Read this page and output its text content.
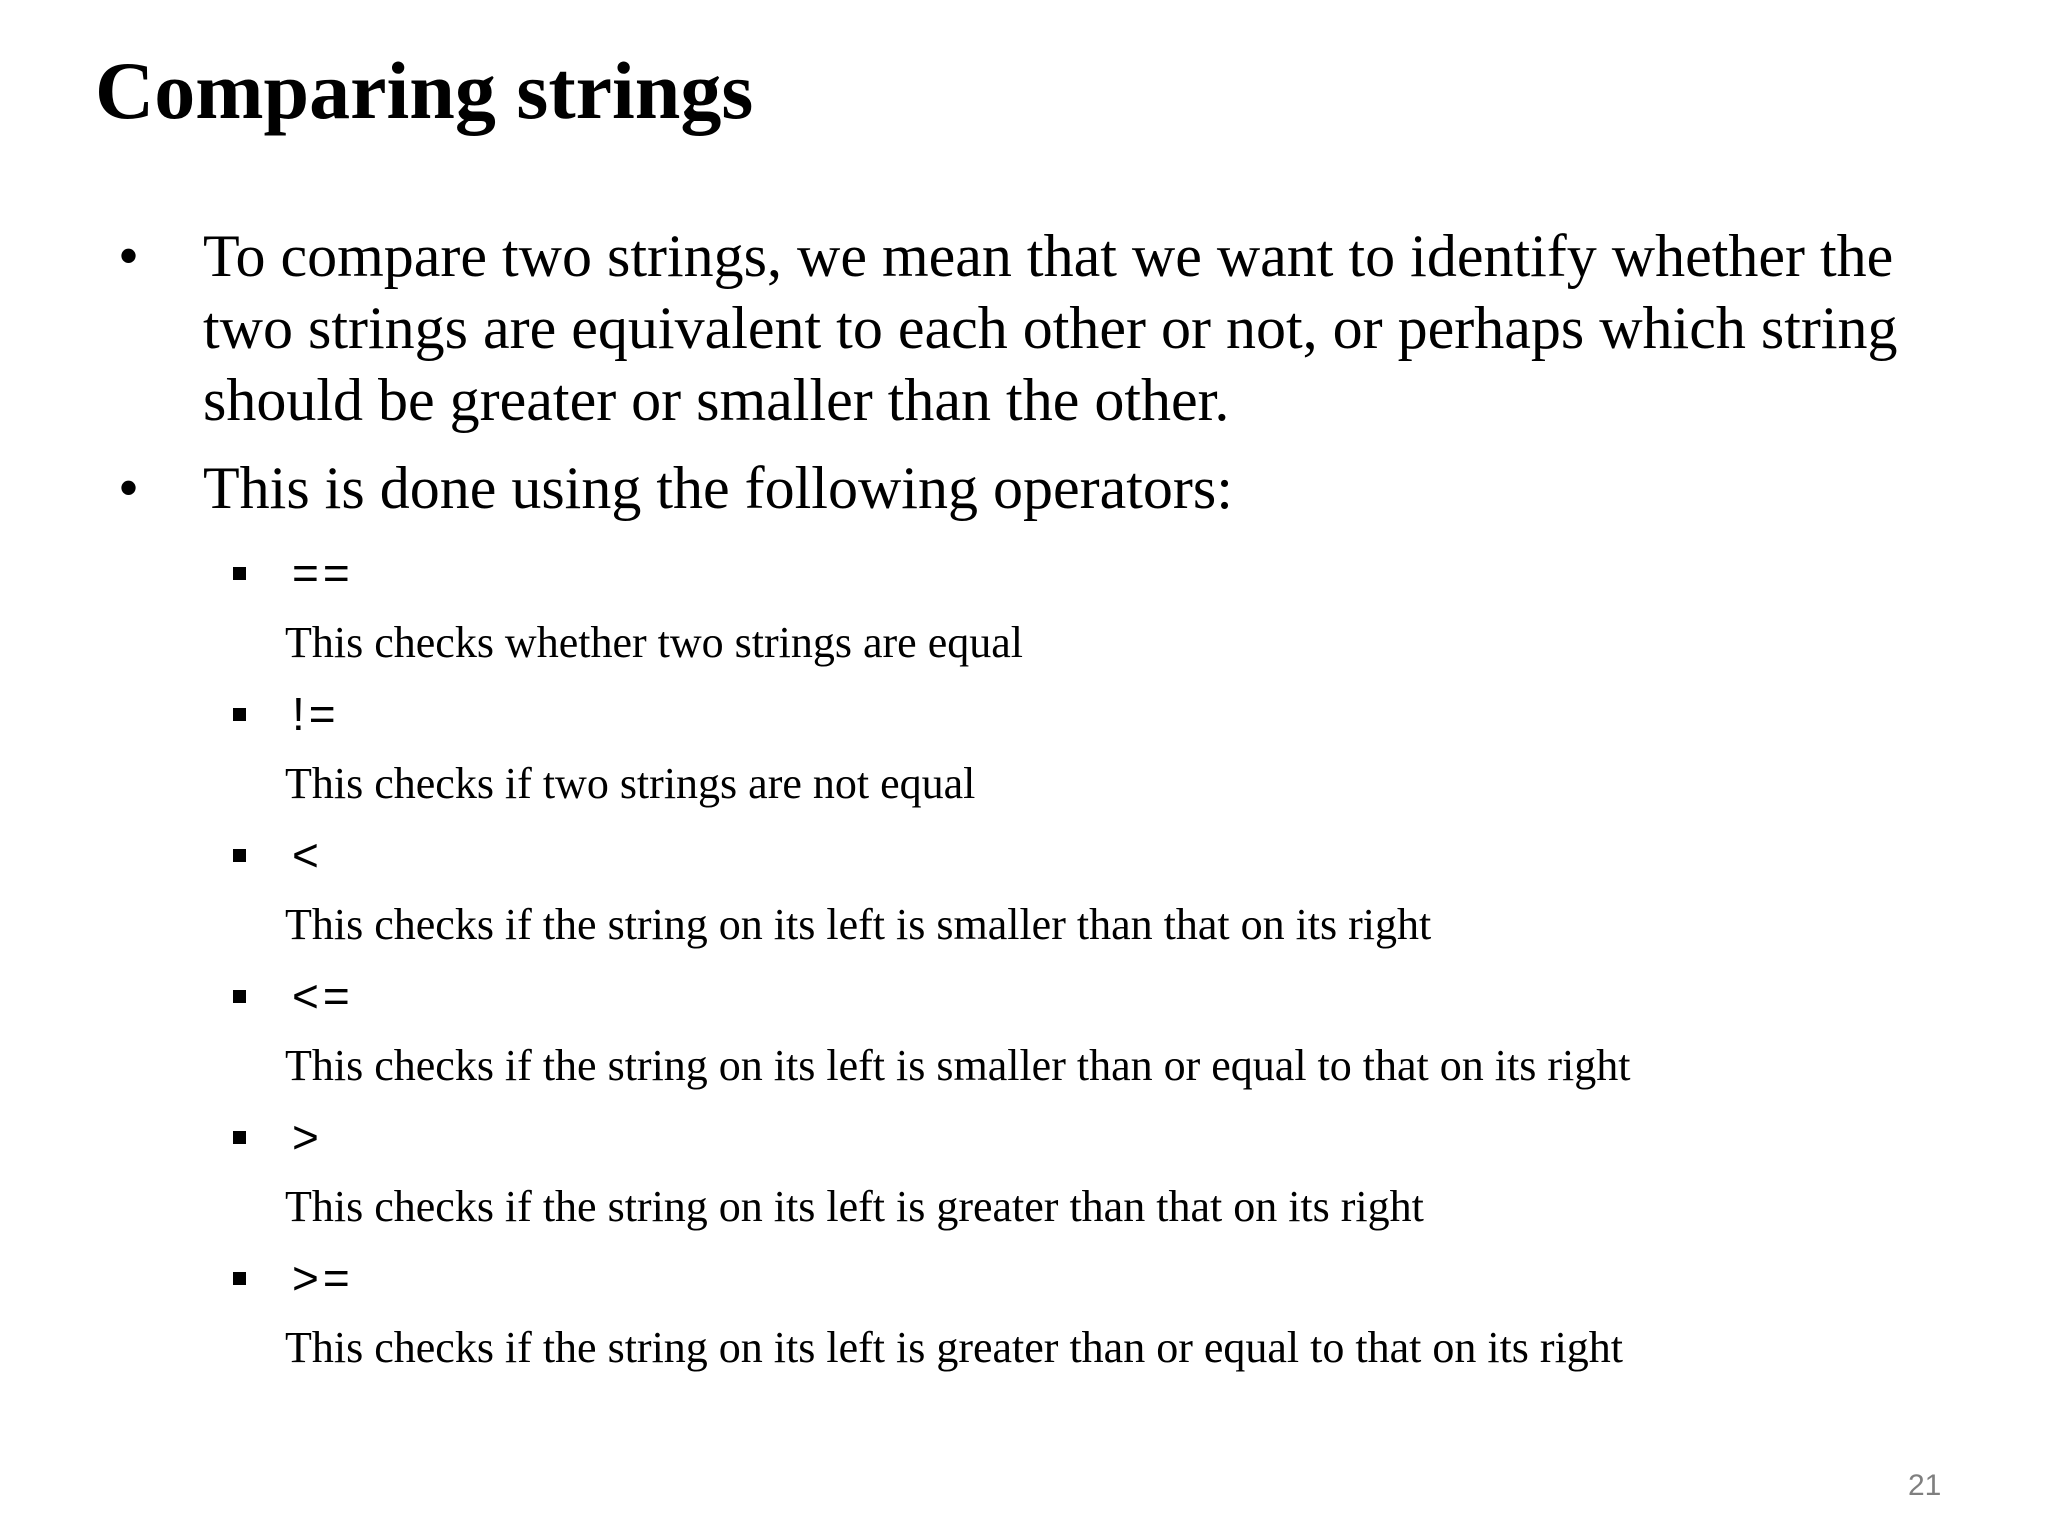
Comparing strings
• To compare two strings, we mean that we want to identify whether the two strings are equivalent to each other or not, or perhaps which string should be greater or smaller than the other.
• This is done using the following operators:
==
This checks whether two strings are equal
!=
This checks if two strings are not equal
<
This checks if the string on its left is smaller than that on its right
<=
This checks if the string on its left is smaller than or equal to that on its right
>
This checks if the string on its left is greater than that on its right
>=
This checks if the string on its left is greater than or equal to that on its right
21
